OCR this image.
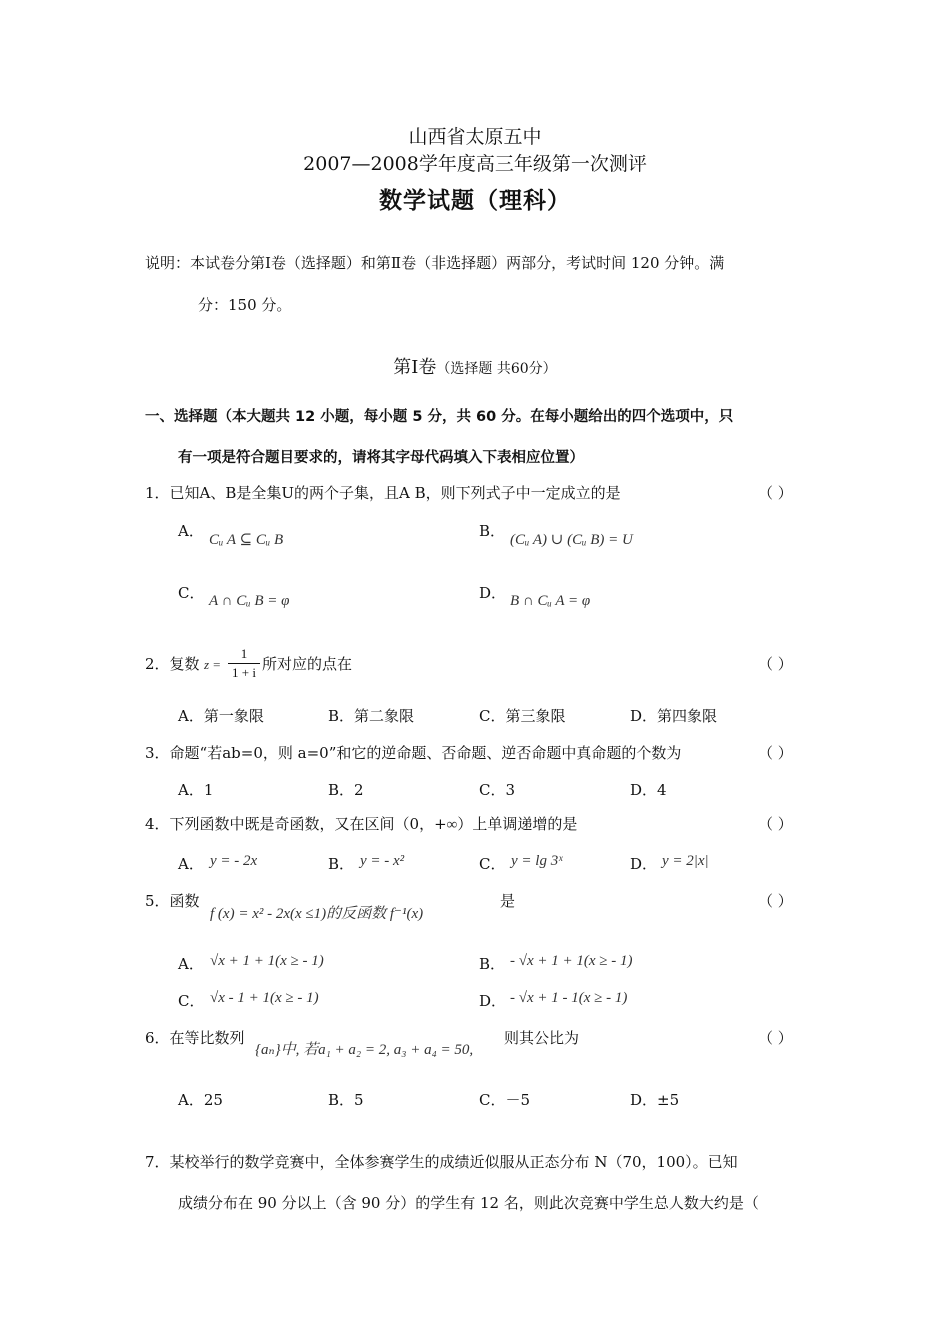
山西省太原五中
2007—2008学年度高三年级第一次测评
数学试题（理科）
说明：本试卷分第Ⅰ卷（选择题）和第Ⅱ卷（非选择题）两部分，考试时间 120 分钟。满
分：150 分。
第Ⅰ卷（选择题 共60分）
一、选择题（本大题共 12 小题，每小题 5 分，共 60 分。在每小题给出的四个选项中，只
有一项是符合题目要求的，请将其字母代码填入下表相应位置）
1．已知A、B是全集U的两个子集，且A B，则下列式子中一定成立的是	（ ）
A． Cᵤ A ⊆ Cᵤ B	B． (Cᵤ A) ∪ (Cᵤ B) = U
C． A ∩ Cᵤ B = φ	D． B ∩ Cᵤ A = φ
2．复数 z =
1
1 + i 所对应的点在	（ ）
A．第一象限	B．第二象限	C．第三象限	D．第四象限
3．命题“若ab=0，则 a=0”和它的逆命题、否命题、逆否命题中真命题的个数为	（ ）
A．1	B．2	C．3	D．4
4．下列函数中既是奇函数，又在区间（0，+∞）上单调递增的是	（ ）
A． y = - 2x	B． y = - x²	C． y = lg 3ˣ	D． y = 2|x|
5．函数
f (x) = x² - 2x(x ≤1)的反函数 f⁻¹(x)
是	（ ）
A． √x + 1 + 1(x ≥ - 1)	B． - √x + 1 + 1(x ≥ - 1)
C． √x - 1 + 1(x ≥ - 1)	D． - √x + 1 - 1(x ≥ - 1)
6．在等比数列
{aₙ}中, 若a₁ + a₂ = 2, a₃ + a₄ = 50,
则其公比为	（ ）
A．25	B．5	C．－5	D．±5
7．某校举行的数学竞赛中，全体参赛学生的成绩近似服从正态分布 N（70，100）。已知
成绩分布在 90 分以上（含 90 分）的学生有 12 名，则此次竞赛中学生总人数大约是（
